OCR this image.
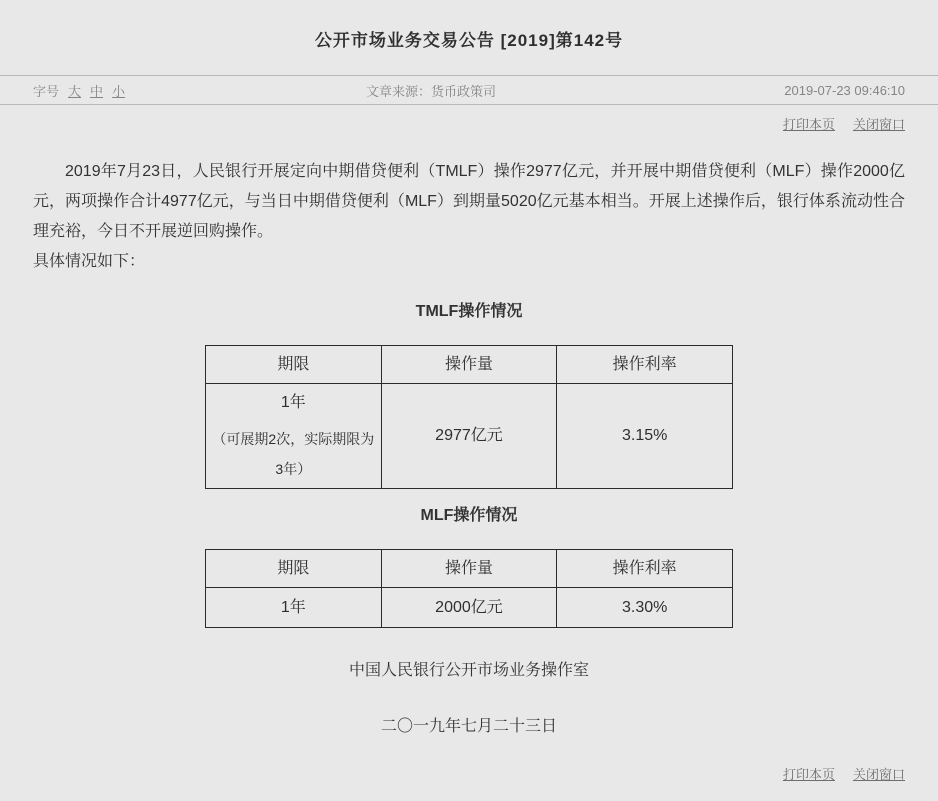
公开市场业务交易公告 [2019]第142号
字号 大 中 小	文章来源：货币政策司	2019-07-23 09:46:10
打印本页 关闭窗口

2019年7月23日，人民银行开展定向中期借贷便利（TMLF）操作2977亿元，并开展中期借贷便利（MLF）操作2000亿元，两项操作合计4977亿元，与当日中期借贷便利（MLF）到期量5020亿元基本相当。开展上述操作后，银行体系流动性合理充裕，今日不开展逆回购操作。

具体情况如下：

TMLF操作情况
期限	操作量	操作利率

1年
（可展期2次，实际期限为3年）	2977亿元	3.15%
MLF操作情况
期限	操作量	操作利率
1年	2000亿元	3.30%
中国人民银行公开市场业务操作室
二〇一九年七月二十三日
打印本页 关闭窗口
